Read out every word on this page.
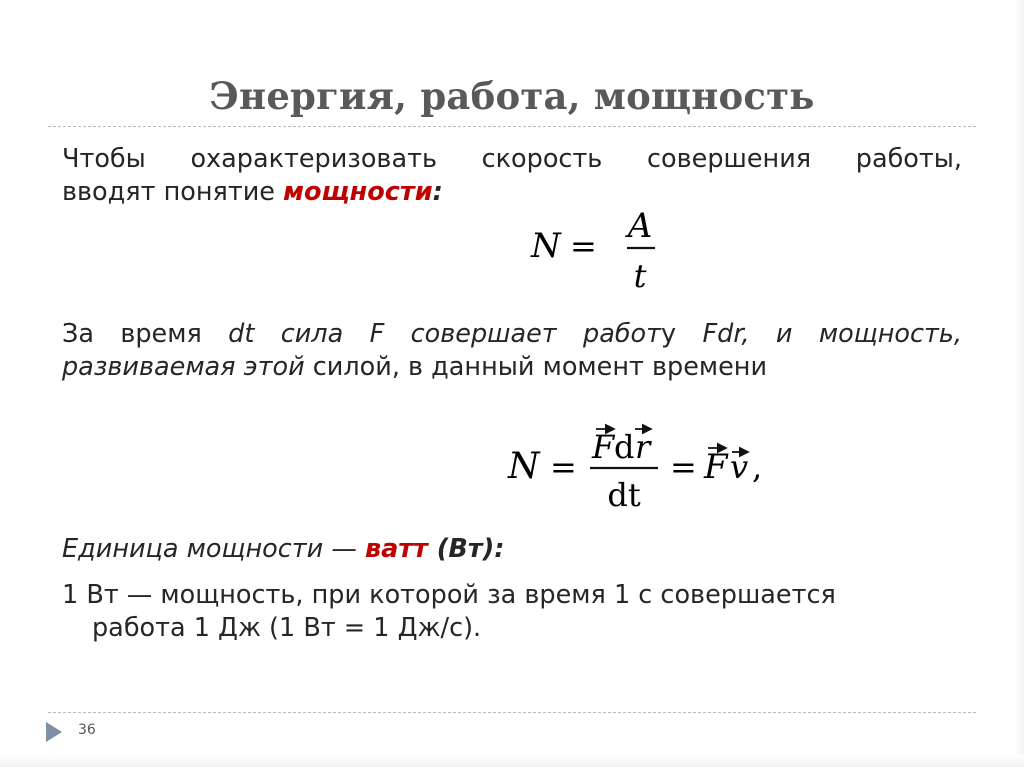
Энергия, работа, мощность
Чтобы охарактеризовать скорость совершения работы,
вводят понятие мощности:
N = A
t
За время dt сила F совершает работу Fdr, и мощность,
развиваемая этой силой, в данный момент времени
N =
F d r
dt
= F v ,
Единица мощности — ватт (Вт):
1 Вт — мощность, при которой за время 1 с совершается
работа 1 Дж (1 Вт = 1 Дж/с).
36
